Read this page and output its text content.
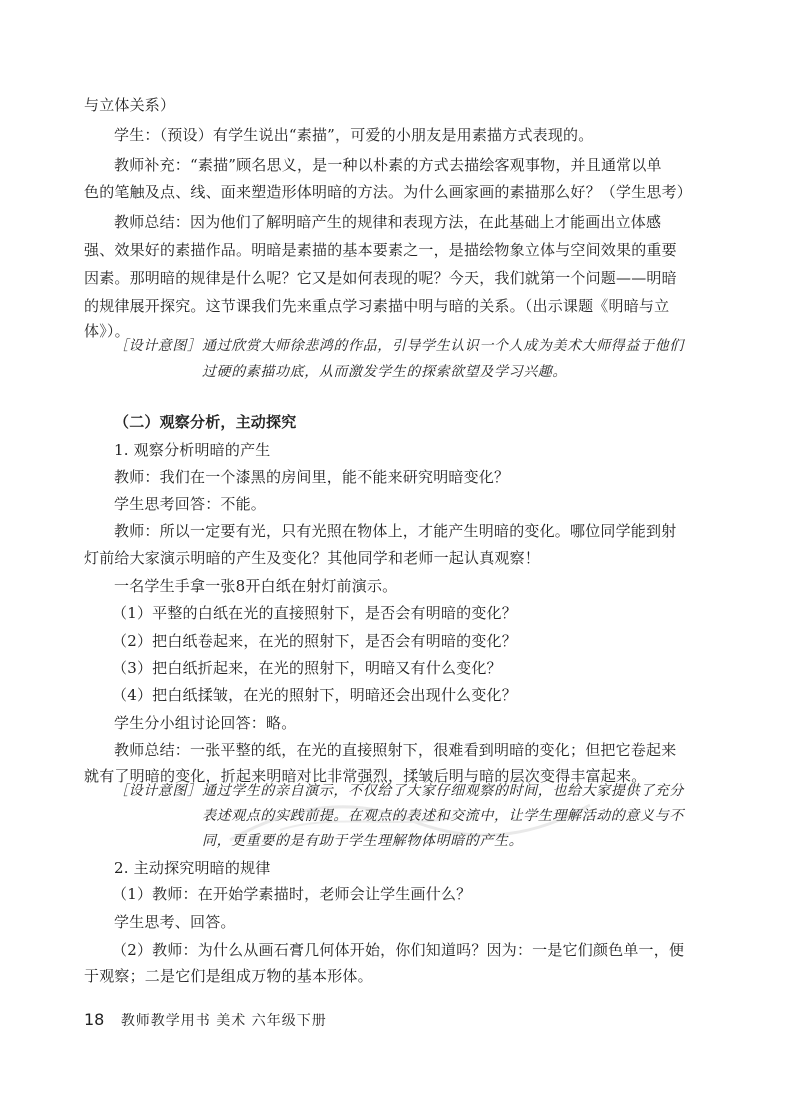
与立体关系）
学生：（预设）有学生说出“素描”，可爱的小朋友是用素描方式表现的。
教师补充：“素描”顾名思义，是一种以朴素的方式去描绘客观事物，并且通常以单
色的笔触及点、线、面来塑造形体明暗的方法。为什么画家画的素描那么好？（学生思考）
教师总结：因为他们了解明暗产生的规律和表现方法，在此基础上才能画出立体感
强、效果好的素描作品。明暗是素描的基本要素之一，是描绘物象立体与空间效果的重要
因素。那明暗的规律是什么呢？它又是如何表现的呢？今天，我们就第一个问题——明暗
的规律展开探究。这节课我们先来重点学习素描中明与暗的关系。（出示课题《明暗与立
体》）。
［设计意图］ 通过欣赏大师徐悲鸿的作品，引导学生认识一个人成为美术大师得益于他们
过硬的素描功底，从而激发学生的探索欲望及学习兴趣。
（二）观察分析，主动探究
1. 观察分析明暗的产生
教师：我们在一个漆黑的房间里，能不能来研究明暗变化？
学生思考回答：不能。
教师：所以一定要有光，只有光照在物体上，才能产生明暗的变化。哪位同学能到射
灯前给大家演示明暗的产生及变化？其他同学和老师一起认真观察！
一名学生手拿一张8开白纸在射灯前演示。
（1）平整的白纸在光的直接照射下，是否会有明暗的变化？
（2）把白纸卷起来，在光的照射下，是否会有明暗的变化？
（3）把白纸折起来，在光的照射下，明暗又有什么变化？
（4）把白纸揉皱，在光的照射下，明暗还会出现什么变化？
学生分小组讨论回答：略。
教师总结：一张平整的纸，在光的直接照射下，很难看到明暗的变化；但把它卷起来
就有了明暗的变化，折起来明暗对比非常强烈，揉皱后明与暗的层次变得丰富起来。
［设计意图］ 通过学生的亲自演示，不仅给了大家仔细观察的时间，也给大家提供了充分
表述观点的实践前提。在观点的表述和交流中，让学生理解活动的意义与不
同，更重要的是有助于学生理解物体明暗的产生。
2. 主动探究明暗的规律
（1）教师：在开始学素描时，老师会让学生画什么？
学生思考、回答。
（2）教师：为什么从画石膏几何体开始，你们知道吗？因为：一是它们颜色单一，便
于观察；二是它们是组成万物的基本形体。
18 教师教学用书 美术 六年级下册
